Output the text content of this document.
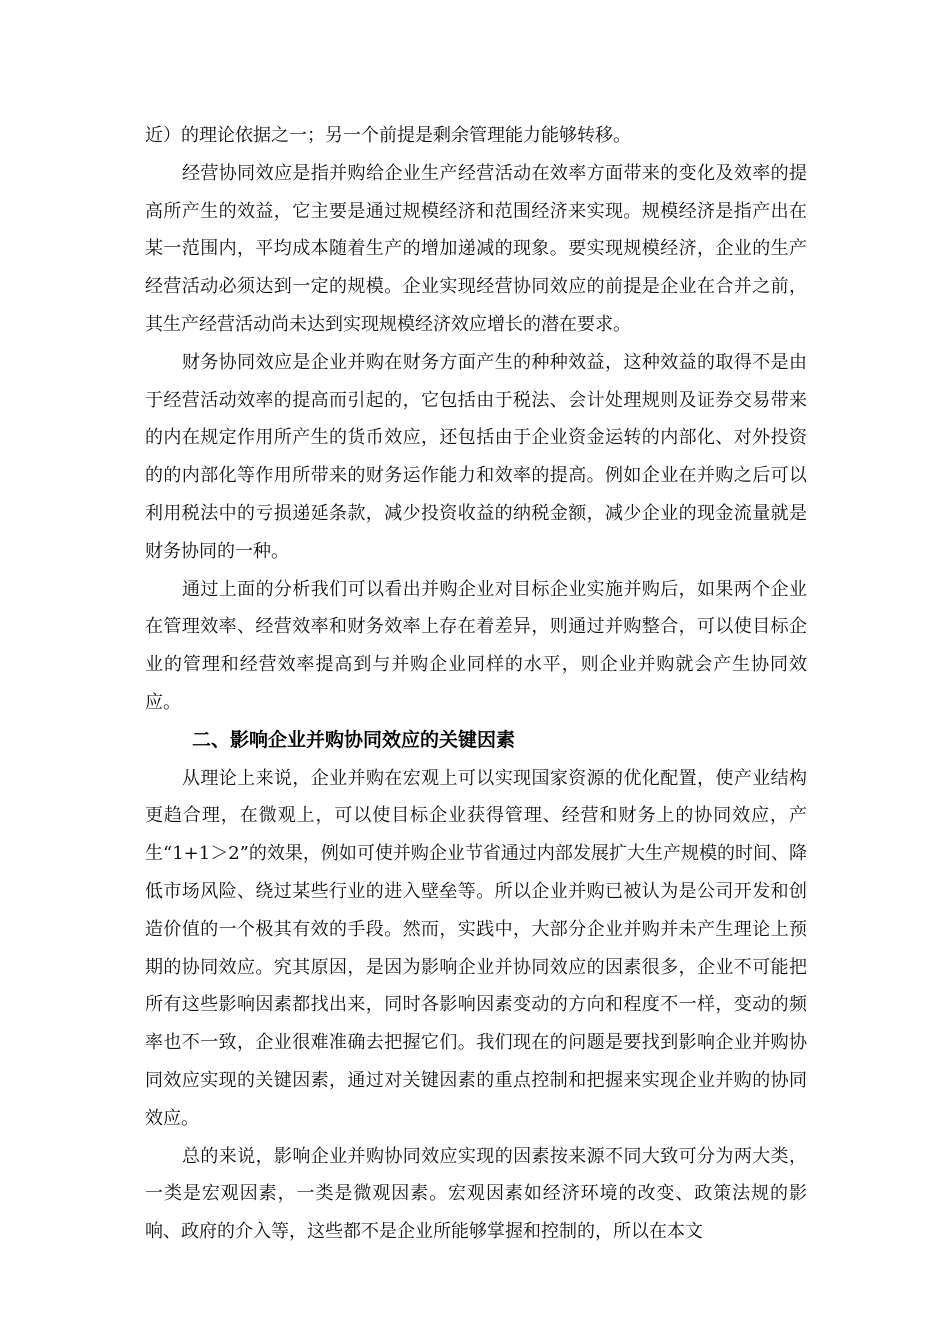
近）的理论依据之一；另一个前提是剩余管理能力能够转移。

经营协同效应是指并购给企业生产经营活动在效率方面带来的变化及效率的提高所产生的效益，它主要是通过规模经济和范围经济来实现。规模经济是指产出在某一范围内，平均成本随着生产的增加递减的现象。要实现规模经济，企业的生产经营活动必须达到一定的规模。企业实现经营协同效应的前提是企业在合并之前，其生产经营活动尚未达到实现规模经济效应增长的潜在要求。

财务协同效应是企业并购在财务方面产生的种种效益，这种效益的取得不是由于经营活动效率的提高而引起的，它包括由于税法、会计处理规则及证券交易带来的内在规定作用所产生的货币效应，还包括由于企业资金运转的内部化、对外投资的的内部化等作用所带来的财务运作能力和效率的提高。例如企业在并购之后可以利用税法中的亏损递延条款，减少投资收益的纳税金额，减少企业的现金流量就是财务协同的一种。

通过上面的分析我们可以看出并购企业对目标企业实施并购后，如果两个企业在管理效率、经营效率和财务效率上存在着差异，则通过并购整合，可以使目标企业的管理和经营效率提高到与并购企业同样的水平，则企业并购就会产生协同效应。

二、影响企业并购协同效应的关键因素

从理论上来说，企业并购在宏观上可以实现国家资源的优化配置，使产业结构更趋合理，在微观上，可以使目标企业获得管理、经营和财务上的协同效应，产生“1+1＞2”的效果，例如可使并购企业节省通过内部发展扩大生产规模的时间、降低市场风险、绕过某些行业的进入壁垒等。所以企业并购已被认为是公司开发和创造价值的一个极其有效的手段。然而，实践中，大部分企业并购并未产生理论上预期的协同效应。究其原因，是因为影响企业并协同效应的因素很多，企业不可能把所有这些影响因素都找出来，同时各影响因素变动的方向和程度不一样，变动的频率也不一致，企业很难准确去把握它们。我们现在的问题是要找到影响企业并购协同效应实现的关键因素，通过对关键因素的重点控制和把握来实现企业并购的协同效应。

总的来说，影响企业并购协同效应实现的因素按来源不同大致可分为两大类，一类是宏观因素，一类是微观因素。宏观因素如经济环境的改变、政策法规的影响、政府的介入等，这些都不是企业所能够掌握和控制的，所以在本文
